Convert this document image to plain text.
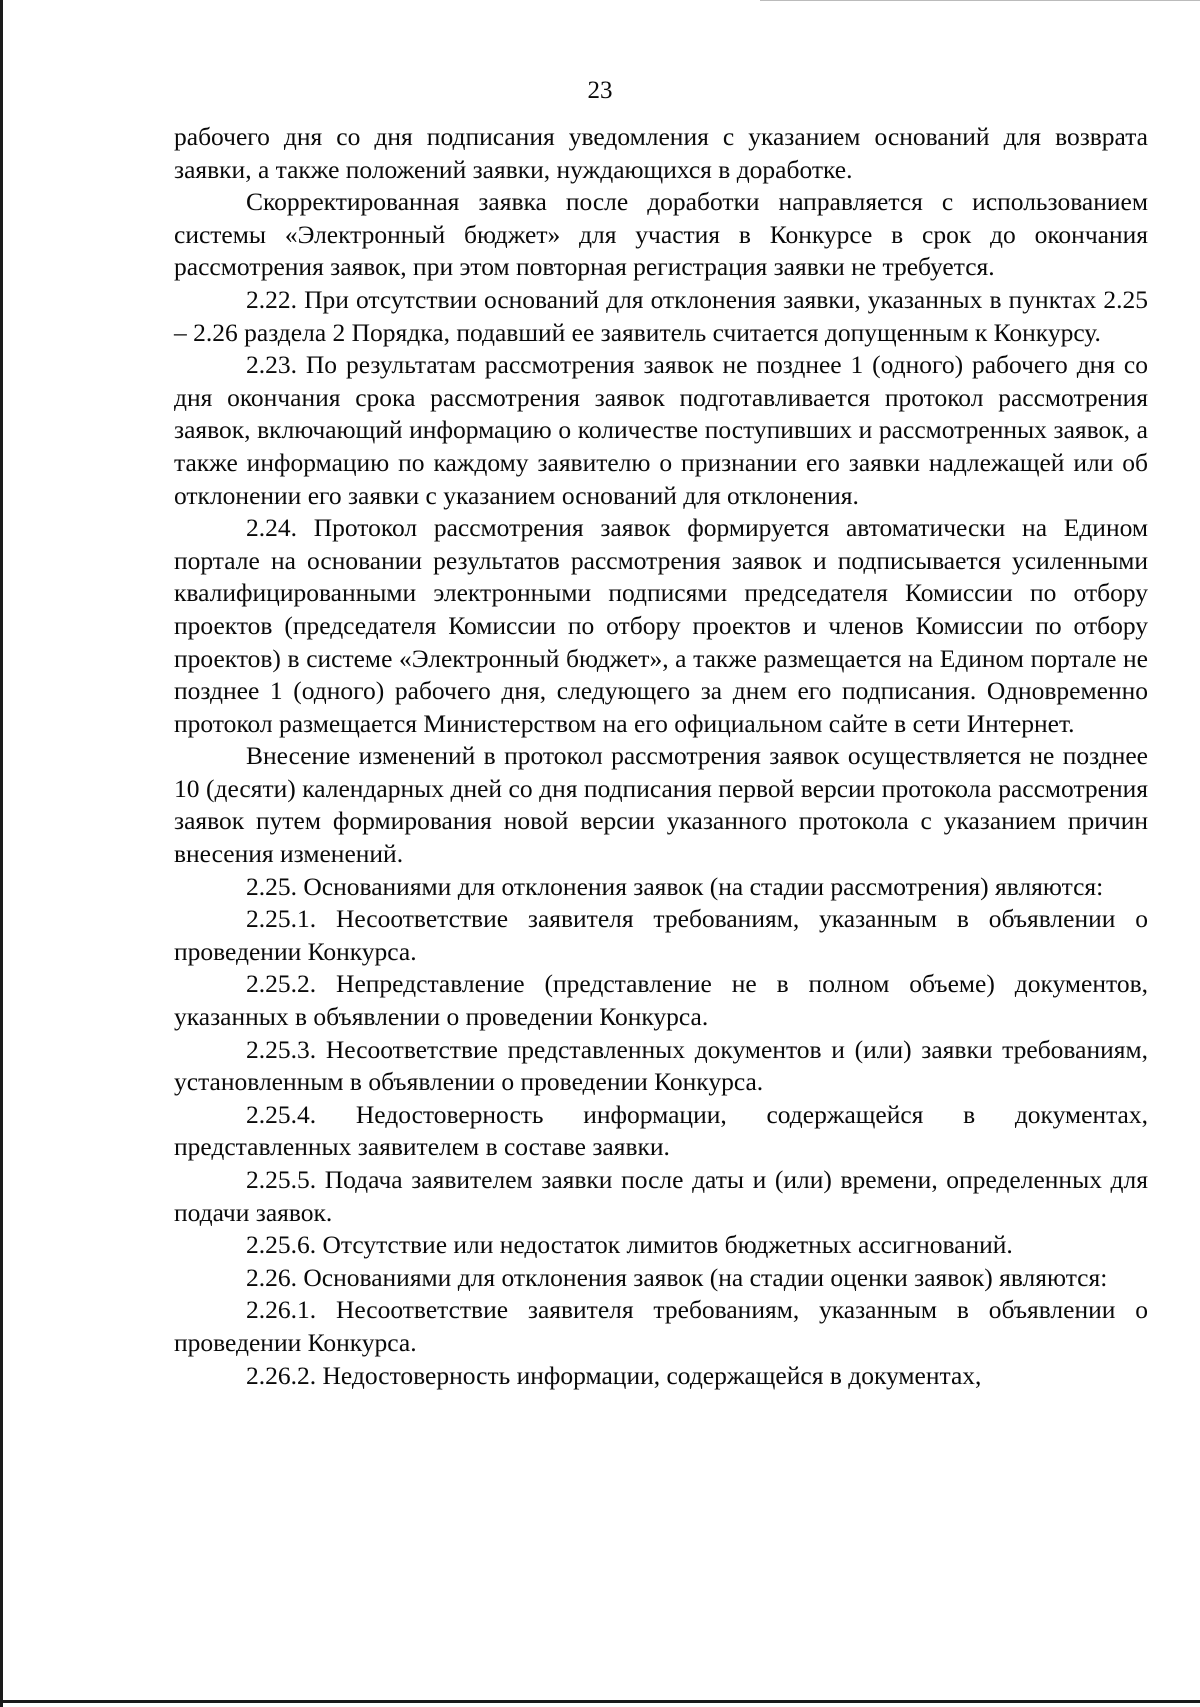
23

рабочего дня со дня подписания уведомления с указанием оснований для возврата заявки, а также положений заявки, нуждающихся в доработке.

Скорректированная заявка после доработки направляется с использованием системы «Электронный бюджет» для участия в Конкурсе в срок до окончания рассмотрения заявок, при этом повторная регистрация заявки не требуется.

2.22. При отсутствии оснований для отклонения заявки, указанных в пунктах 2.25 – 2.26 раздела 2 Порядка, подавший ее заявитель считается допущенным к Конкурсу.

2.23. По результатам рассмотрения заявок не позднее 1 (одного) рабочего дня со дня окончания срока рассмотрения заявок подготавливается протокол рассмотрения заявок, включающий информацию о количестве поступивших и рассмотренных заявок, а также информацию по каждому заявителю о признании его заявки надлежащей или об отклонении его заявки с указанием оснований для отклонения.

2.24. Протокол рассмотрения заявок формируется автоматически на Едином портале на основании результатов рассмотрения заявок и подписывается усиленными квалифицированными электронными подписями председателя Комиссии по отбору проектов (председателя Комиссии по отбору проектов и членов Комиссии по отбору проектов) в системе «Электронный бюджет», а также размещается на Едином портале не позднее 1 (одного) рабочего дня, следующего за днем его подписания. Одновременно протокол размещается Министерством на его официальном сайте в сети Интернет.

Внесение изменений в протокол рассмотрения заявок осуществляется не позднее 10 (десяти) календарных дней со дня подписания первой версии протокола рассмотрения заявок путем формирования новой версии указанного протокола с указанием причин внесения изменений.

2.25. Основаниями для отклонения заявок (на стадии рассмотрения) являются:

2.25.1. Несоответствие заявителя требованиям, указанным в объявлении о проведении Конкурса.

2.25.2. Непредставление (представление не в полном объеме) документов, указанных в объявлении о проведении Конкурса.

2.25.3. Несоответствие представленных документов и (или) заявки требованиям, установленным в объявлении о проведении Конкурса.

2.25.4. Недостоверность информации, содержащейся в документах, представленных заявителем в составе заявки.

2.25.5. Подача заявителем заявки после даты и (или) времени, определенных для подачи заявок.

2.25.6. Отсутствие или недостаток лимитов бюджетных ассигнований.

2.26. Основаниями для отклонения заявок (на стадии оценки заявок) являются:

2.26.1. Несоответствие заявителя требованиям, указанным в объявлении о проведении Конкурса.

2.26.2. Недостоверность информации, содержащейся в документах,
